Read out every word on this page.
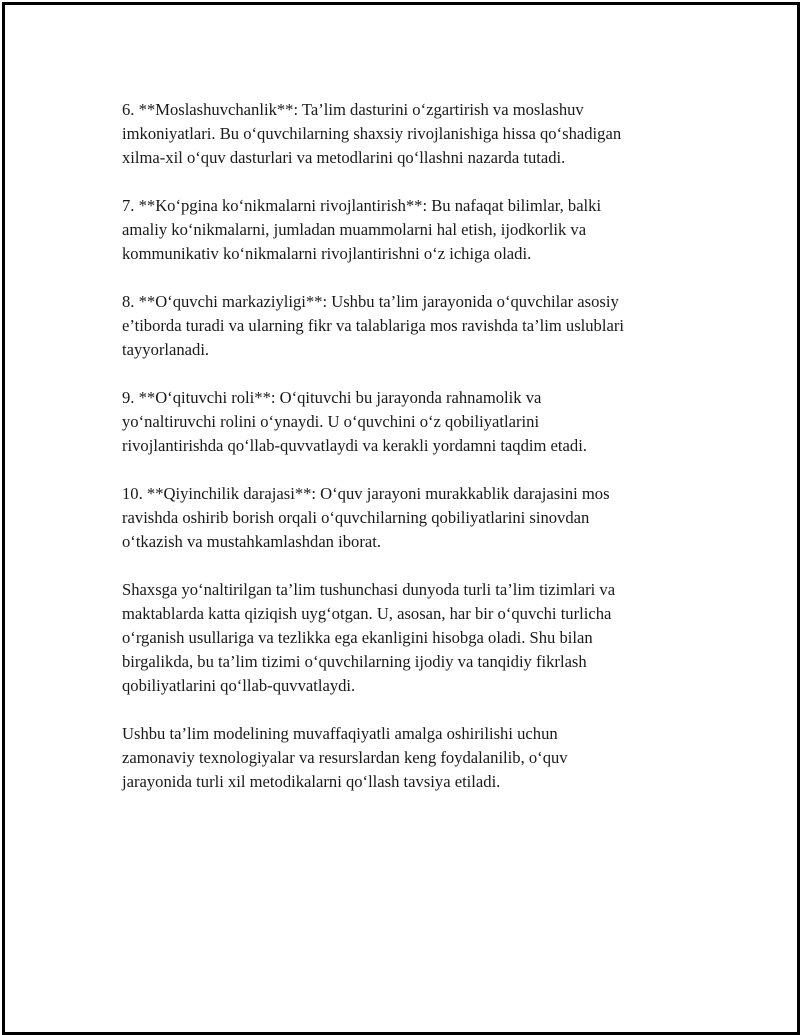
6. **Moslashuvchanlik**: Ta’lim dasturini o‘zgartirish va moslashuv
imkoniyatlari. Bu o‘quvchilarning shaxsiy rivojlanishiga hissa qo‘shadigan
xilma-xil o‘quv dasturlari va metodlarini qo‘llashni nazarda tutadi.

7. **Ko‘pgina ko‘nikmalarni rivojlantirish**: Bu nafaqat bilimlar, balki
amaliy ko‘nikmalarni, jumladan muammolarni hal etish, ijodkorlik va
kommunikativ ko‘nikmalarni rivojlantirishni o‘z ichiga oladi.

8. **O‘quvchi markaziyligi**: Ushbu ta’lim jarayonida o‘quvchilar asosiy
e’tiborda turadi va ularning fikr va talablariga mos ravishda ta’lim uslublari
tayyorlanadi.

9. **O‘qituvchi roli**: O‘qituvchi bu jarayonda rahnamolik va
yo‘naltiruvchi rolini o‘ynaydi. U o‘quvchini o‘z qobiliyatlarini
rivojlantirishda qo‘llab-quvvatlaydi va kerakli yordamni taqdim etadi.

10. **Qiyinchilik darajasi**: O‘quv jarayoni murakkablik darajasini mos
ravishda oshirib borish orqali o‘quvchilarning qobiliyatlarini sinovdan
o‘tkazish va mustahkamlashdan iborat.

Shaxsga yo‘naltirilgan ta’lim tushunchasi dunyoda turli ta’lim tizimlari va
maktablarda katta qiziqish uyg‘otgan. U, asosan, har bir o‘quvchi turlicha
o‘rganish usullariga va tezlikka ega ekanligini hisobga oladi. Shu bilan
birgalikda, bu ta’lim tizimi o‘quvchilarning ijodiy va tanqidiy fikrlash
qobiliyatlarini qo‘llab-quvvatlaydi.

Ushbu ta’lim modelining muvaffaqiyatli amalga oshirilishi uchun
zamonaviy texnologiyalar va resurslardan keng foydalanilib, o‘quv
jarayonida turli xil metodikalarni qo‘llash tavsiya etiladi.
